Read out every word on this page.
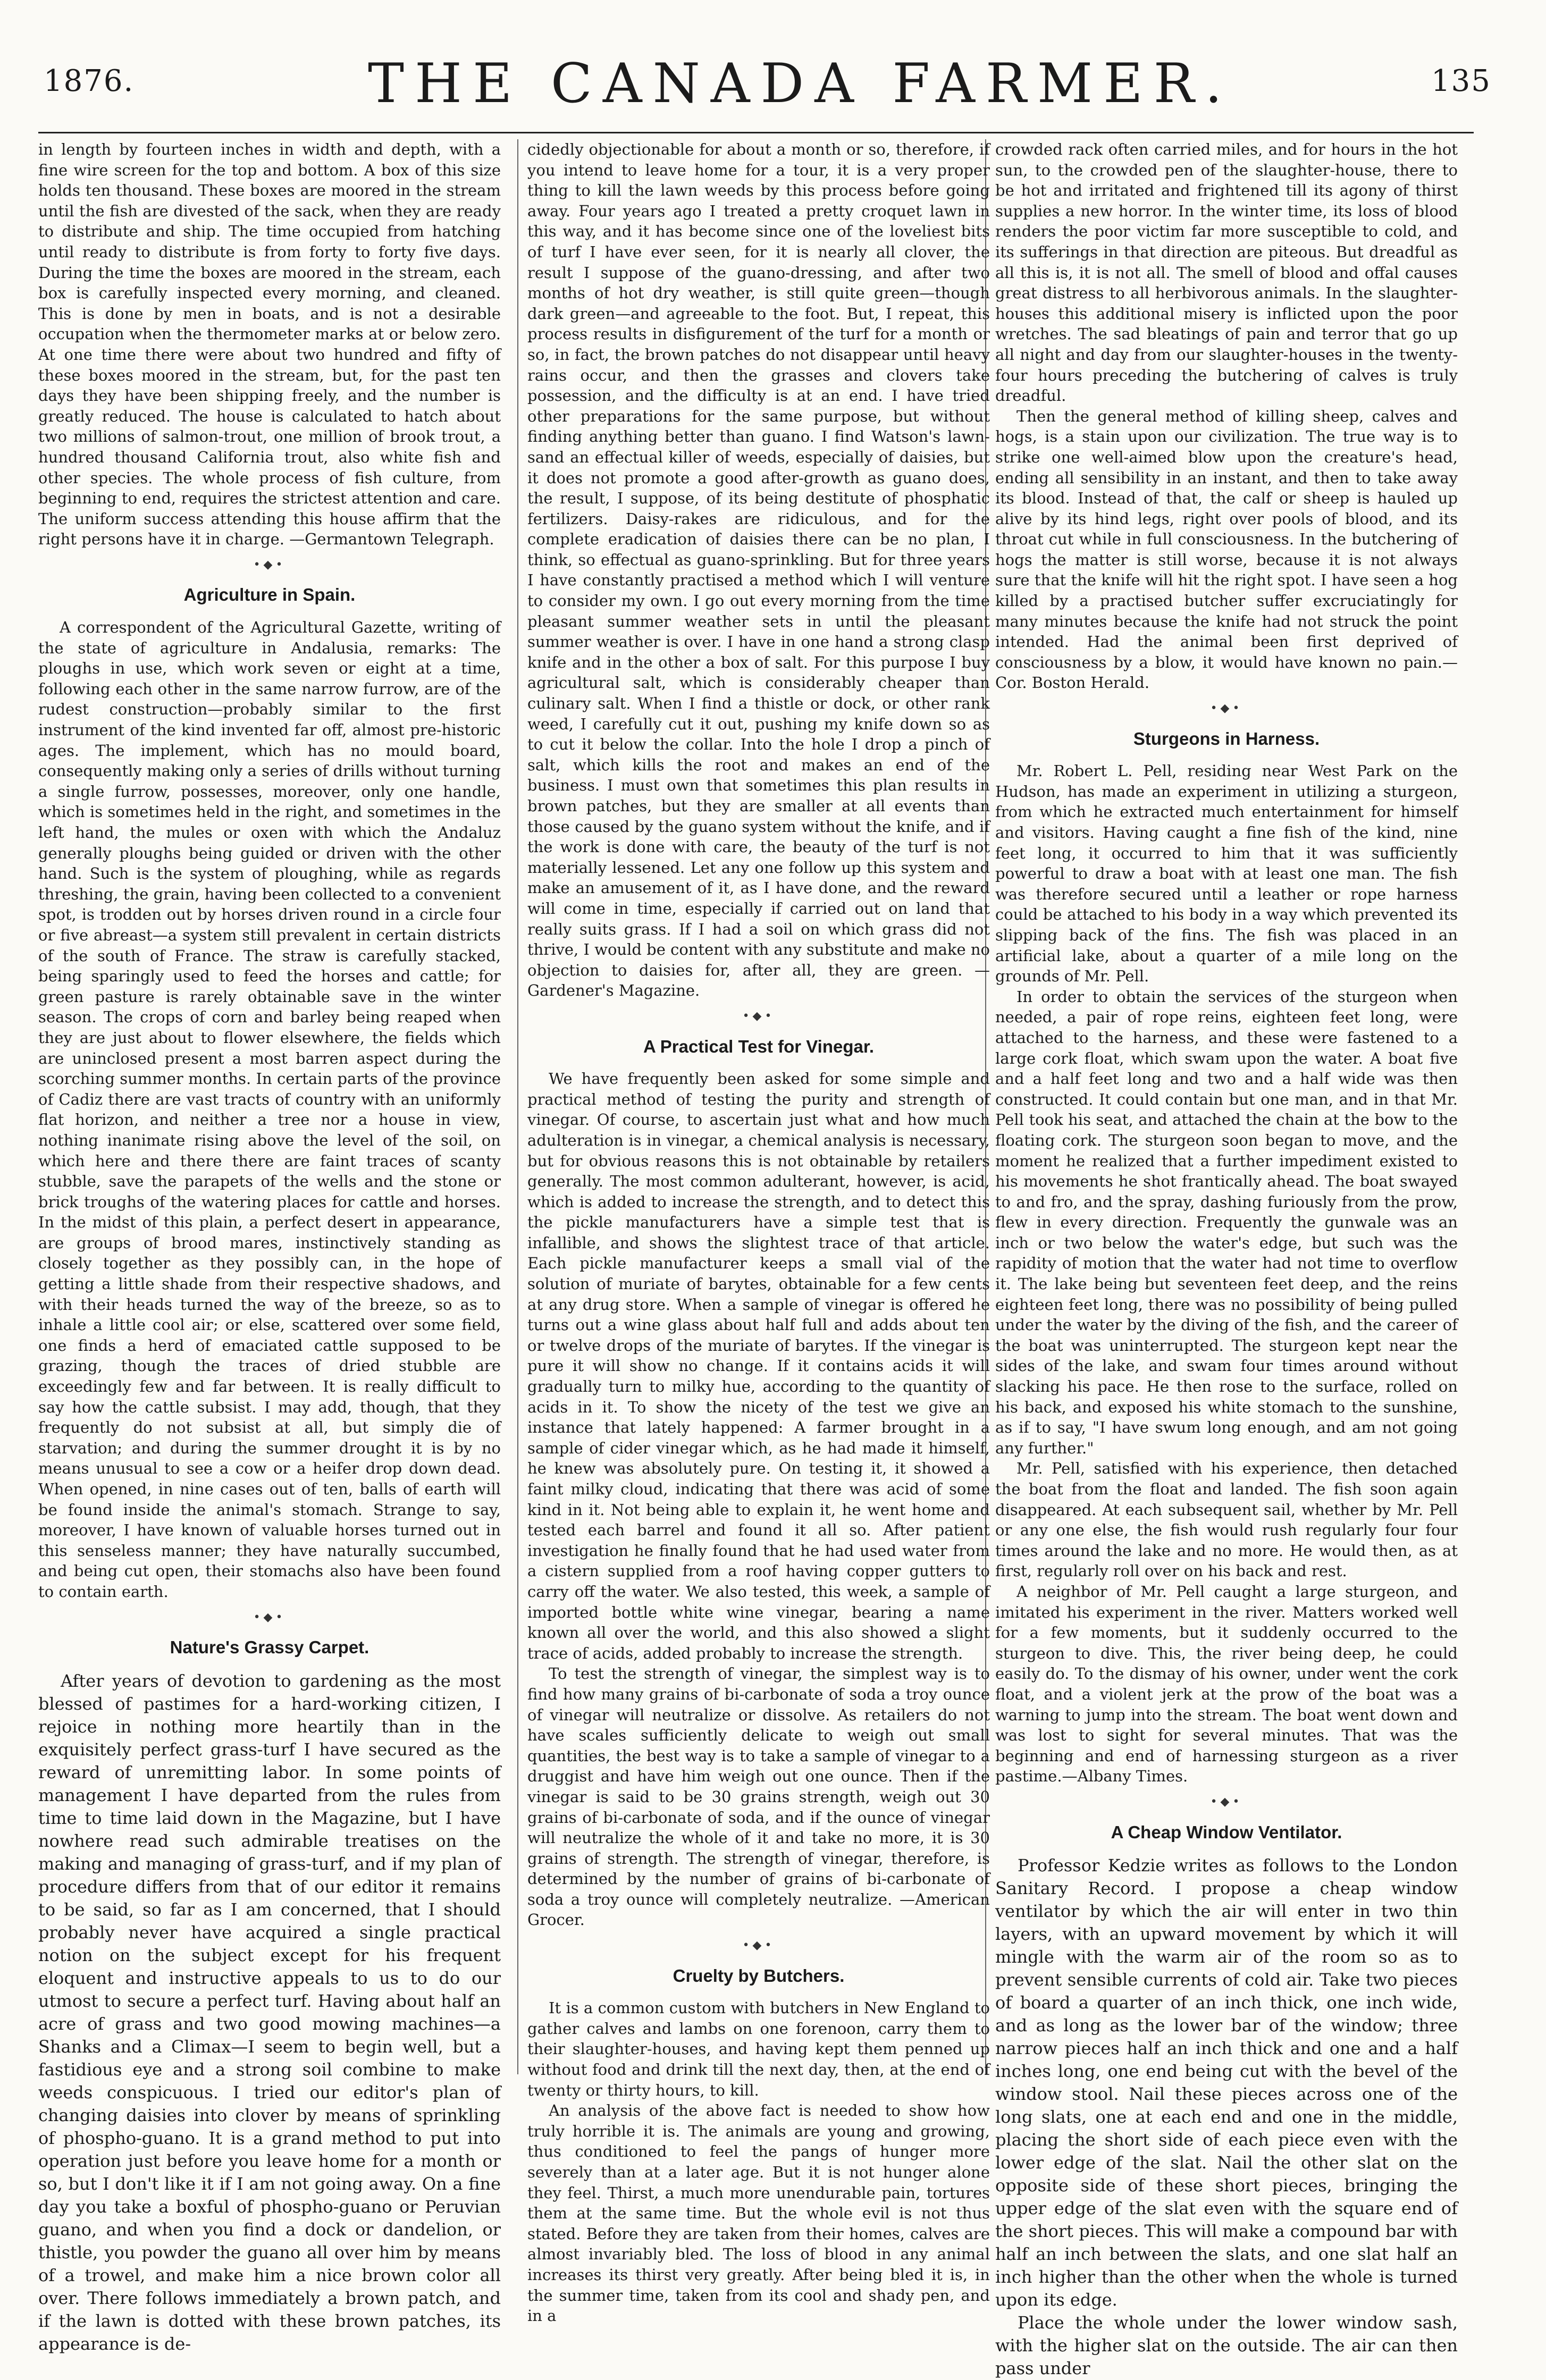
1876.	THE CANADA FARMER.	135

in length by fourteen inches in width and depth, with a fine wire screen for the top and bottom. A box of this size holds ten thousand. These boxes are moored in the stream until the fish are divested of the sack, when they are ready to distribute and ship. The time occupied from hatching until ready to distribute is from forty to forty five days. During the time the boxes are moored in the stream, each box is carefully inspected every morning, and cleaned. This is done by men in boats, and is not a desirable occupation when the thermometer marks at or below zero. At one time there were about two hundred and fifty of these boxes moored in the stream, but, for the past ten days they have been shipping freely, and the number is greatly reduced. The house is calculated to hatch about two millions of salmon-trout, one million of brook trout, a hundred thousand California trout, also white fish and other species. The whole process of fish culture, from beginning to end, requires the strictest attention and care. The uniform success attending this house affirm that the right persons have it in charge. —Germantown Telegraph.

•◆•
Agriculture in Spain.

A correspondent of the Agricultural Gazette, writing of the state of agriculture in Andalusia, remarks: The ploughs in use, which work seven or eight at a time, following each other in the same narrow furrow, are of the rudest construction—probably similar to the first instrument of the kind invented far off, almost pre-historic ages. The implement, which has no mould board, consequently making only a series of drills without turning a single furrow, possesses, moreover, only one handle, which is sometimes held in the right, and sometimes in the left hand, the mules or oxen with which the Andaluz generally ploughs being guided or driven with the other hand. Such is the system of ploughing, while as regards threshing, the grain, having been collected to a convenient spot, is trodden out by horses driven round in a circle four or five abreast—a system still prevalent in certain districts of the south of France. The straw is carefully stacked, being sparingly used to feed the horses and cattle; for green pasture is rarely obtainable save in the winter season. The crops of corn and barley being reaped when they are just about to flower elsewhere, the fields which are uninclosed present a most barren aspect during the scorching summer months. In certain parts of the province of Cadiz there are vast tracts of country with an uniformly flat horizon, and neither a tree nor a house in view, nothing inanimate rising above the level of the soil, on which here and there there are faint traces of scanty stubble, save the parapets of the wells and the stone or brick troughs of the watering places for cattle and horses. In the midst of this plain, a perfect desert in appearance, are groups of brood mares, instinctively standing as closely together as they possibly can, in the hope of getting a little shade from their respective shadows, and with their heads turned the way of the breeze, so as to inhale a little cool air; or else, scattered over some field, one finds a herd of emaciated cattle supposed to be grazing, though the traces of dried stubble are exceedingly few and far between. It is really difficult to say how the cattle subsist. I may add, though, that they frequently do not subsist at all, but simply die of starvation; and during the summer drought it is by no means unusual to see a cow or a heifer drop down dead. When opened, in nine cases out of ten, balls of earth will be found inside the animal's stomach. Strange to say, moreover, I have known of valuable horses turned out in this senseless manner; they have naturally succumbed, and being cut open, their stomachs also have been found to contain earth.

•◆•
Nature's Grassy Carpet.

After years of devotion to gardening as the most blessed of pastimes for a hard-working citizen, I rejoice in nothing more heartily than in the exquisitely perfect grass-turf I have secured as the reward of unremitting labor. In some points of management I have departed from the rules from time to time laid down in the Magazine, but I have nowhere read such admirable treatises on the making and managing of grass-turf, and if my plan of procedure differs from that of our editor it remains to be said, so far as I am concerned, that I should probably never have acquired a single practical notion on the subject except for his frequent eloquent and instructive appeals to us to do our utmost to secure a perfect turf. Having about half an acre of grass and two good mowing machines—a Shanks and a Climax—I seem to begin well, but a fastidious eye and a strong soil combine to make weeds conspicuous. I tried our editor's plan of changing daisies into clover by means of sprinkling of phospho-guano. It is a grand method to put into operation just before you leave home for a month or so, but I don't like it if I am not going away. On a fine day you take a boxful of phospho-guano or Peruvian guano, and when you find a dock or dandelion, or thistle, you powder the guano all over him by means of a trowel, and make him a nice brown color all over. There follows immediately a brown patch, and if the lawn is dotted with these brown patches, its appearance is de-

cidedly objectionable for about a month or so, therefore, if you intend to leave home for a tour, it is a very proper thing to kill the lawn weeds by this process before going away. Four years ago I treated a pretty croquet lawn in this way, and it has become since one of the loveliest bits of turf I have ever seen, for it is nearly all clover, the result I suppose of the guano-dressing, and after two months of hot dry weather, is still quite green—though dark green—and agreeable to the foot. But, I repeat, this process results in disfigurement of the turf for a month or so, in fact, the brown patches do not disappear until heavy rains occur, and then the grasses and clovers take possession, and the difficulty is at an end. I have tried other preparations for the same purpose, but without finding anything better than guano. I find Watson's lawn-sand an effectual killer of weeds, especially of daisies, but it does not promote a good after-growth as guano does, the result, I suppose, of its being destitute of phosphatic fertilizers. Daisy-rakes are ridiculous, and for the complete eradication of daisies there can be no plan, I think, so effectual as guano-sprinkling. But for three years I have constantly practised a method which I will venture to consider my own. I go out every morning from the time pleasant summer weather sets in until the pleasant summer weather is over. I have in one hand a strong clasp knife and in the other a box of salt. For this purpose I buy agricultural salt, which is considerably cheaper than culinary salt. When I find a thistle or dock, or other rank weed, I carefully cut it out, pushing my knife down so as to cut it below the collar. Into the hole I drop a pinch of salt, which kills the root and makes an end of the business. I must own that sometimes this plan results in brown patches, but they are smaller at all events than those caused by the guano system without the knife, and if the work is done with care, the beauty of the turf is not materially lessened. Let any one follow up this system and make an amusement of it, as I have done, and the reward will come in time, especially if carried out on land that really suits grass. If I had a soil on which grass did not thrive, I would be content with any substitute and make no objection to daisies for, after all, they are green. —Gardener's Magazine.

•◆•
A Practical Test for Vinegar.

We have frequently been asked for some simple and practical method of testing the purity and strength of vinegar. Of course, to ascertain just what and how much adulteration is in vinegar, a chemical analysis is necessary, but for obvious reasons this is not obtainable by retailers generally. The most common adulterant, however, is acid, which is added to increase the strength, and to detect this the pickle manufacturers have a simple test that is infallible, and shows the slightest trace of that article. Each pickle manufacturer keeps a small vial of the solution of muriate of barytes, obtainable for a few cents at any drug store. When a sample of vinegar is offered he turns out a wine glass about half full and adds about ten or twelve drops of the muriate of barytes. If the vinegar is pure it will show no change. If it contains acids it will gradually turn to milky hue, according to the quantity of acids in it. To show the nicety of the test we give an instance that lately happened: A farmer brought in a sample of cider vinegar which, as he had made it himself, he knew was absolutely pure. On testing it, it showed a faint milky cloud, indicating that there was acid of some kind in it. Not being able to explain it, he went home and tested each barrel and found it all so. After patient investigation he finally found that he had used water from a cistern supplied from a roof having copper gutters to carry off the water. We also tested, this week, a sample of imported bottle white wine vinegar, bearing a name known all over the world, and this also showed a slight trace of acids, added probably to increase the strength.

To test the strength of vinegar, the simplest way is to find how many grains of bi-carbonate of soda a troy ounce of vinegar will neutralize or dissolve. As retailers do not have scales sufficiently delicate to weigh out small quantities, the best way is to take a sample of vinegar to a druggist and have him weigh out one ounce. Then if the vinegar is said to be 30 grains strength, weigh out 30 grains of bi-carbonate of soda, and if the ounce of vinegar will neutralize the whole of it and take no more, it is 30 grains of strength. The strength of vinegar, therefore, is determined by the number of grains of bi-carbonate of soda a troy ounce will completely neutralize. —American Grocer.

•◆•
Cruelty by Butchers.

It is a common custom with butchers in New England to gather calves and lambs on one forenoon, carry them to their slaughter-houses, and having kept them penned up without food and drink till the next day, then, at the end of twenty or thirty hours, to kill.

An analysis of the above fact is needed to show how truly horrible it is. The animals are young and growing, thus conditioned to feel the pangs of hunger more severely than at a later age. But it is not hunger alone they feel. Thirst, a much more unendurable pain, tortures them at the same time. But the whole evil is not thus stated. Before they are taken from their homes, calves are almost invariably bled. The loss of blood in any animal increases its thirst very greatly. After being bled it is, in the summer time, taken from its cool and shady pen, and in a

crowded rack often carried miles, and for hours in the hot sun, to the crowded pen of the slaughter-house, there to be hot and irritated and frightened till its agony of thirst supplies a new horror. In the winter time, its loss of blood renders the poor victim far more susceptible to cold, and its sufferings in that direction are piteous. But dreadful as all this is, it is not all. The smell of blood and offal causes great distress to all herbivorous animals. In the slaughter-houses this additional misery is inflicted upon the poor wretches. The sad bleatings of pain and terror that go up all night and day from our slaughter-houses in the twenty-four hours preceding the butchering of calves is truly dreadful.

Then the general method of killing sheep, calves and hogs, is a stain upon our civilization. The true way is to strike one well-aimed blow upon the creature's head, ending all sensibility in an instant, and then to take away its blood. Instead of that, the calf or sheep is hauled up alive by its hind legs, right over pools of blood, and its throat cut while in full consciousness. In the butchering of hogs the matter is still worse, because it is not always sure that the knife will hit the right spot. I have seen a hog killed by a practised butcher suffer excruciatingly for many minutes because the knife had not struck the point intended. Had the animal been first deprived of consciousness by a blow, it would have known no pain.—Cor. Boston Herald.

•◆•
Sturgeons in Harness.

Mr. Robert L. Pell, residing near West Park on the Hudson, has made an experiment in utilizing a sturgeon, from which he extracted much entertainment for himself and visitors. Having caught a fine fish of the kind, nine feet long, it occurred to him that it was sufficiently powerful to draw a boat with at least one man. The fish was therefore secured until a leather or rope harness could be attached to his body in a way which prevented its slipping back of the fins. The fish was placed in an artificial lake, about a quarter of a mile long on the grounds of Mr. Pell.

In order to obtain the services of the sturgeon when needed, a pair of rope reins, eighteen feet long, were attached to the harness, and these were fastened to a large cork float, which swam upon the water. A boat five and a half feet long and two and a half wide was then constructed. It could contain but one man, and in that Mr. Pell took his seat, and attached the chain at the bow to the floating cork. The sturgeon soon began to move, and the moment he realized that a further impediment existed to his movements he shot frantically ahead. The boat swayed to and fro, and the spray, dashing furiously from the prow, flew in every direction. Frequently the gunwale was an inch or two below the water's edge, but such was the rapidity of motion that the water had not time to overflow it. The lake being but seventeen feet deep, and the reins eighteen feet long, there was no possibility of being pulled under the water by the diving of the fish, and the career of the boat was uninterrupted. The sturgeon kept near the sides of the lake, and swam four times around without slacking his pace. He then rose to the surface, rolled on his back, and exposed his white stomach to the sunshine, as if to say, "I have swum long enough, and am not going any further."

Mr. Pell, satisfied with his experience, then detached the boat from the float and landed. The fish soon again disappeared. At each subsequent sail, whether by Mr. Pell or any one else, the fish would rush regularly four four times around the lake and no more. He would then, as at first, regularly roll over on his back and rest.

A neighbor of Mr. Pell caught a large sturgeon, and imitated his experiment in the river. Matters worked well for a few moments, but it suddenly occurred to the sturgeon to dive. This, the river being deep, he could easily do. To the dismay of his owner, under went the cork float, and a violent jerk at the prow of the boat was a warning to jump into the stream. The boat went down and was lost to sight for several minutes. That was the beginning and end of harnessing sturgeon as a river pastime.—Albany Times.

•◆•
A Cheap Window Ventilator.

Professor Kedzie writes as follows to the London Sanitary Record. I propose a cheap window ventilator by which the air will enter in two thin layers, with an upward movement by which it will mingle with the warm air of the room so as to prevent sensible currents of cold air. Take two pieces of board a quarter of an inch thick, one inch wide, and as long as the lower bar of the window; three narrow pieces half an inch thick and one and a half inches long, one end being cut with the bevel of the window stool. Nail these pieces across one of the long slats, one at each end and one in the middle, placing the short side of each piece even with the lower edge of the slat. Nail the other slat on the opposite side of these short pieces, bringing the upper edge of the slat even with the square end of the short pieces. This will make a compound bar with half an inch between the slats, and one slat half an inch higher than the other when the whole is turned upon its edge.

Place the whole under the lower window sash, with the higher slat on the outside. The air can then pass under
